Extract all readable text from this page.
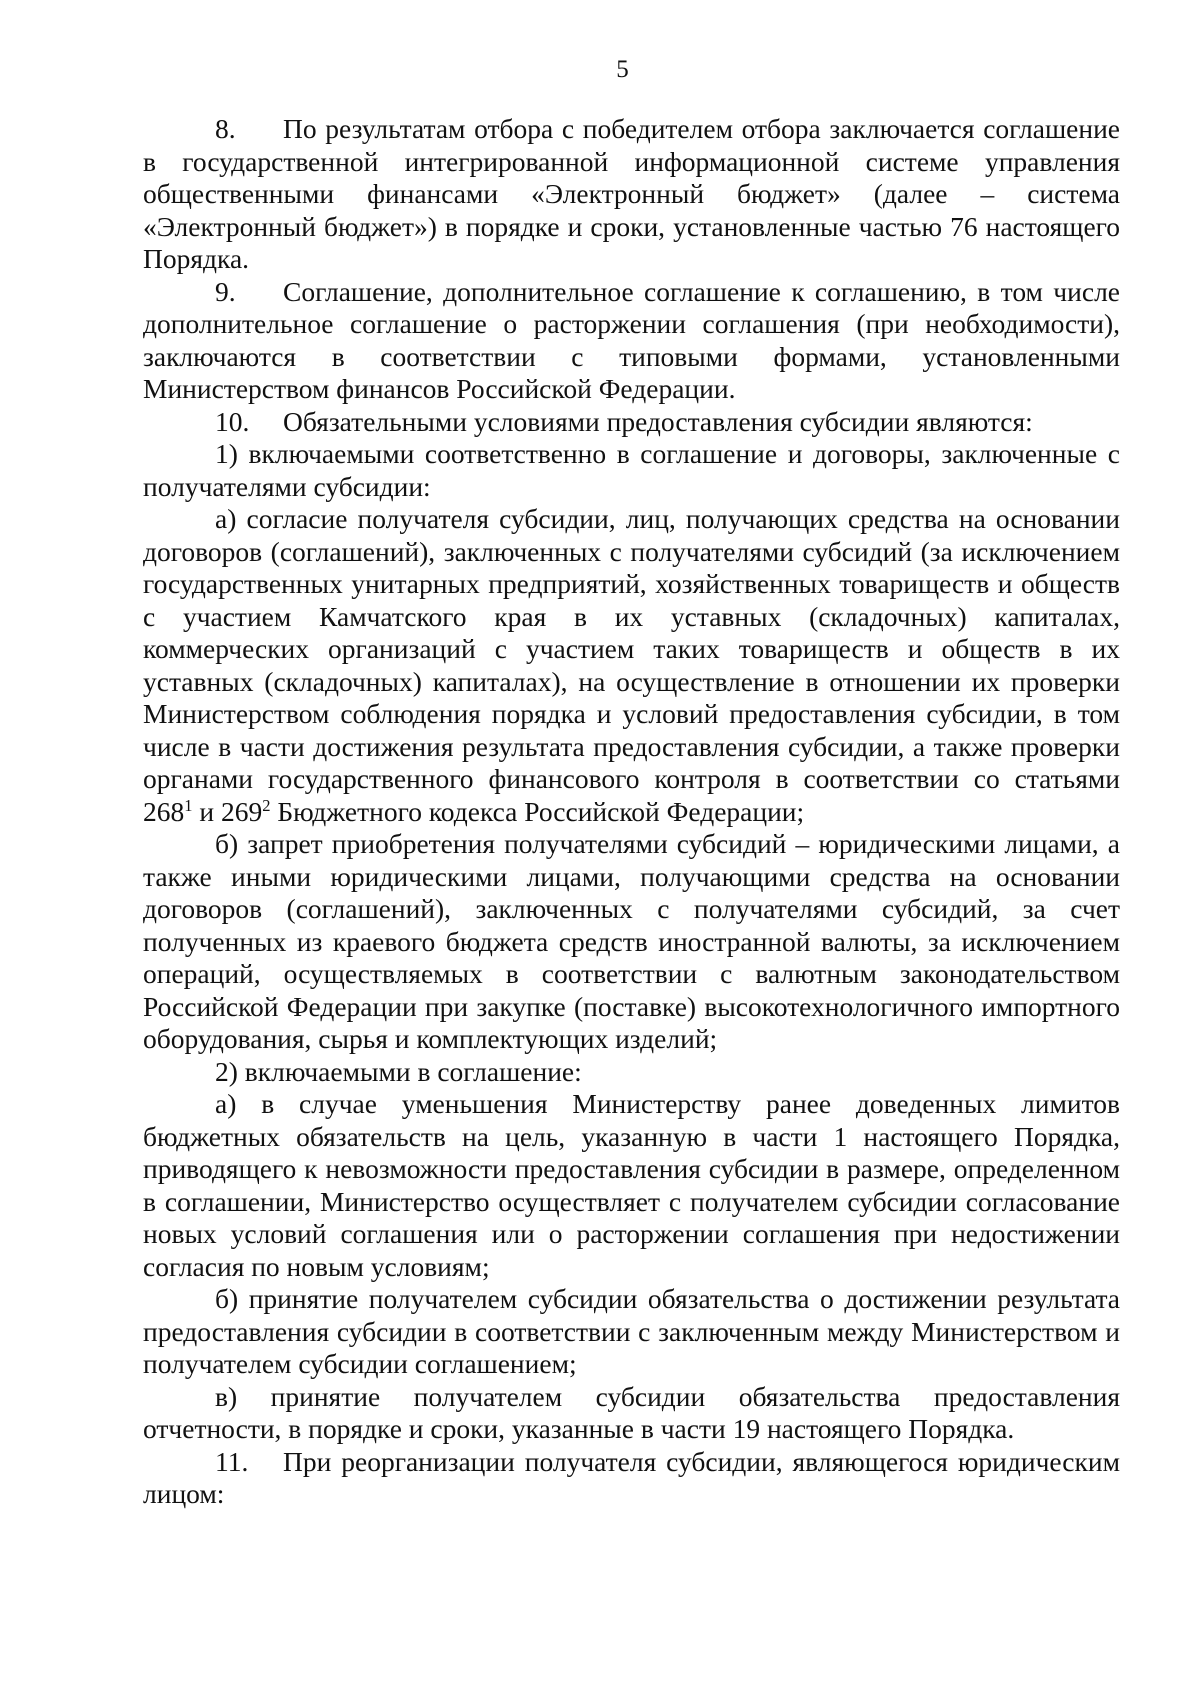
5

8. По результатам отбора с победителем отбора заключается соглашение в государственной интегрированной информационной системе управления общественными финансами «Электронный бюджет» (далее – система «Электронный бюджет») в порядке и сроки, установленные частью 76 настоящего Порядка.

9. Соглашение, дополнительное соглашение к соглашению, в том числе дополнительное соглашение о расторжении соглашения (при необходимости), заключаются в соответствии с типовыми формами, установленными Министерством финансов Российской Федерации.

10. Обязательными условиями предоставления субсидии являются:

1) включаемыми соответственно в соглашение и договоры, заключенные с получателями субсидии:

а) согласие получателя субсидии, лиц, получающих средства на основании договоров (соглашений), заключенных с получателями субсидий (за исключением государственных унитарных предприятий, хозяйственных товариществ и обществ с участием Камчатского края в их уставных (складочных) капиталах, коммерческих организаций с участием таких товариществ и обществ в их уставных (складочных) капиталах), на осуществление в отношении их проверки Министерством соблюдения порядка и условий предоставления субсидии, в том числе в части достижения результата предоставления субсидии, а также проверки органами государственного финансового контроля в соответствии со статьями $268^1$ и $269^2$ Бюджетного кодекса Российской Федерации;

б) запрет приобретения получателями субсидий – юридическими лицами, а также иными юридическими лицами, получающими средства на основании договоров (соглашений), заключенных с получателями субсидий, за счет полученных из краевого бюджета средств иностранной валюты, за исключением операций, осуществляемых в соответствии с валютным законодательством Российской Федерации при закупке (поставке) высокотехнологичного импортного оборудования, сырья и комплектующих изделий;

2) включаемыми в соглашение:

а) в случае уменьшения Министерству ранее доведенных лимитов бюджетных обязательств на цель, указанную в части 1 настоящего Порядка, приводящего к невозможности предоставления субсидии в размере, определенном в соглашении, Министерство осуществляет с получателем субсидии согласование новых условий соглашения или о расторжении соглашения при недостижении согласия по новым условиям;

б) принятие получателем субсидии обязательства о достижении результата предоставления субсидии в соответствии с заключенным между Министерством и получателем субсидии соглашением;

в) принятие получателем субсидии обязательства предоставления отчетности, в порядке и сроки, указанные в части 19 настоящего Порядка.

11. При реорганизации получателя субсидии, являющегося юридическим лицом:
